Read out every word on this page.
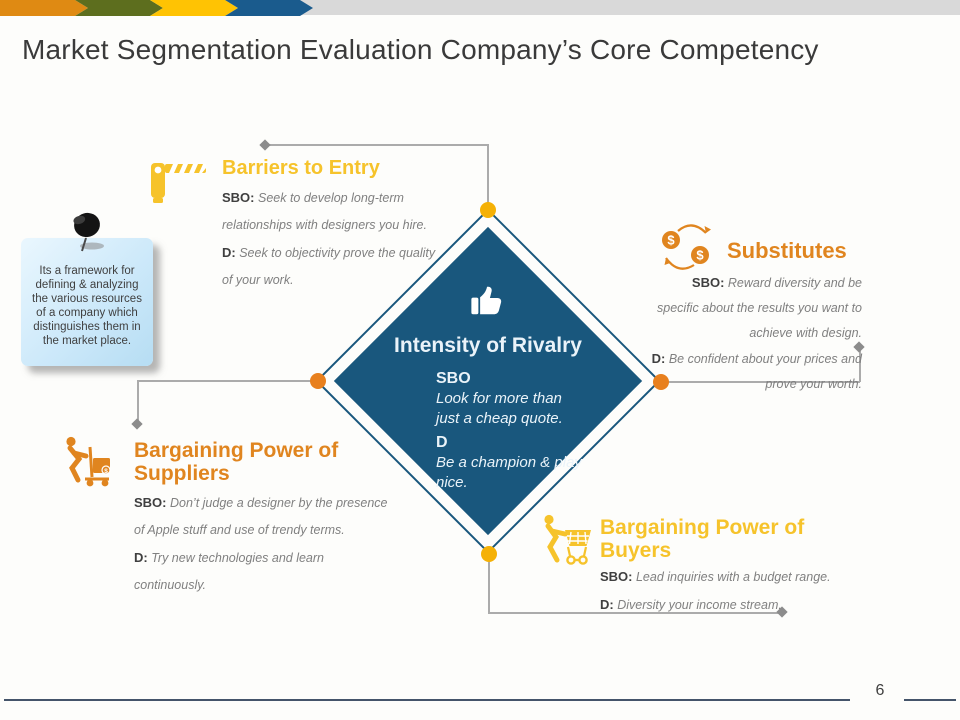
Market Segmentation Evaluation Company’s Core Competency
Intensity of Rivalry
SBO
Look for more than just a cheap quote.
D
Be a champion & play nice.
Barriers to Entry

SBO: Seek to develop long-term relationships with designers you hire.

D: Seek to objectivity prove the quality of your work.

$
$ Substitutes

SBO: Reward diversity and be specific about the results you want to achieve with design.

D: Be confident about your prices and prove your worth.

$
Bargaining Power of Suppliers

SBO: Don’t judge a designer by the presence of Apple stuff and use of trendy terms.

D: Try new technologies and learn continuously.

Bargaining Power of Buyers

SBO: Lead inquiries with a budget range.

D: Diversity your income stream.

Its a framework for defining & analyzing the various resources of a company which distinguishes them in the market place.
6
